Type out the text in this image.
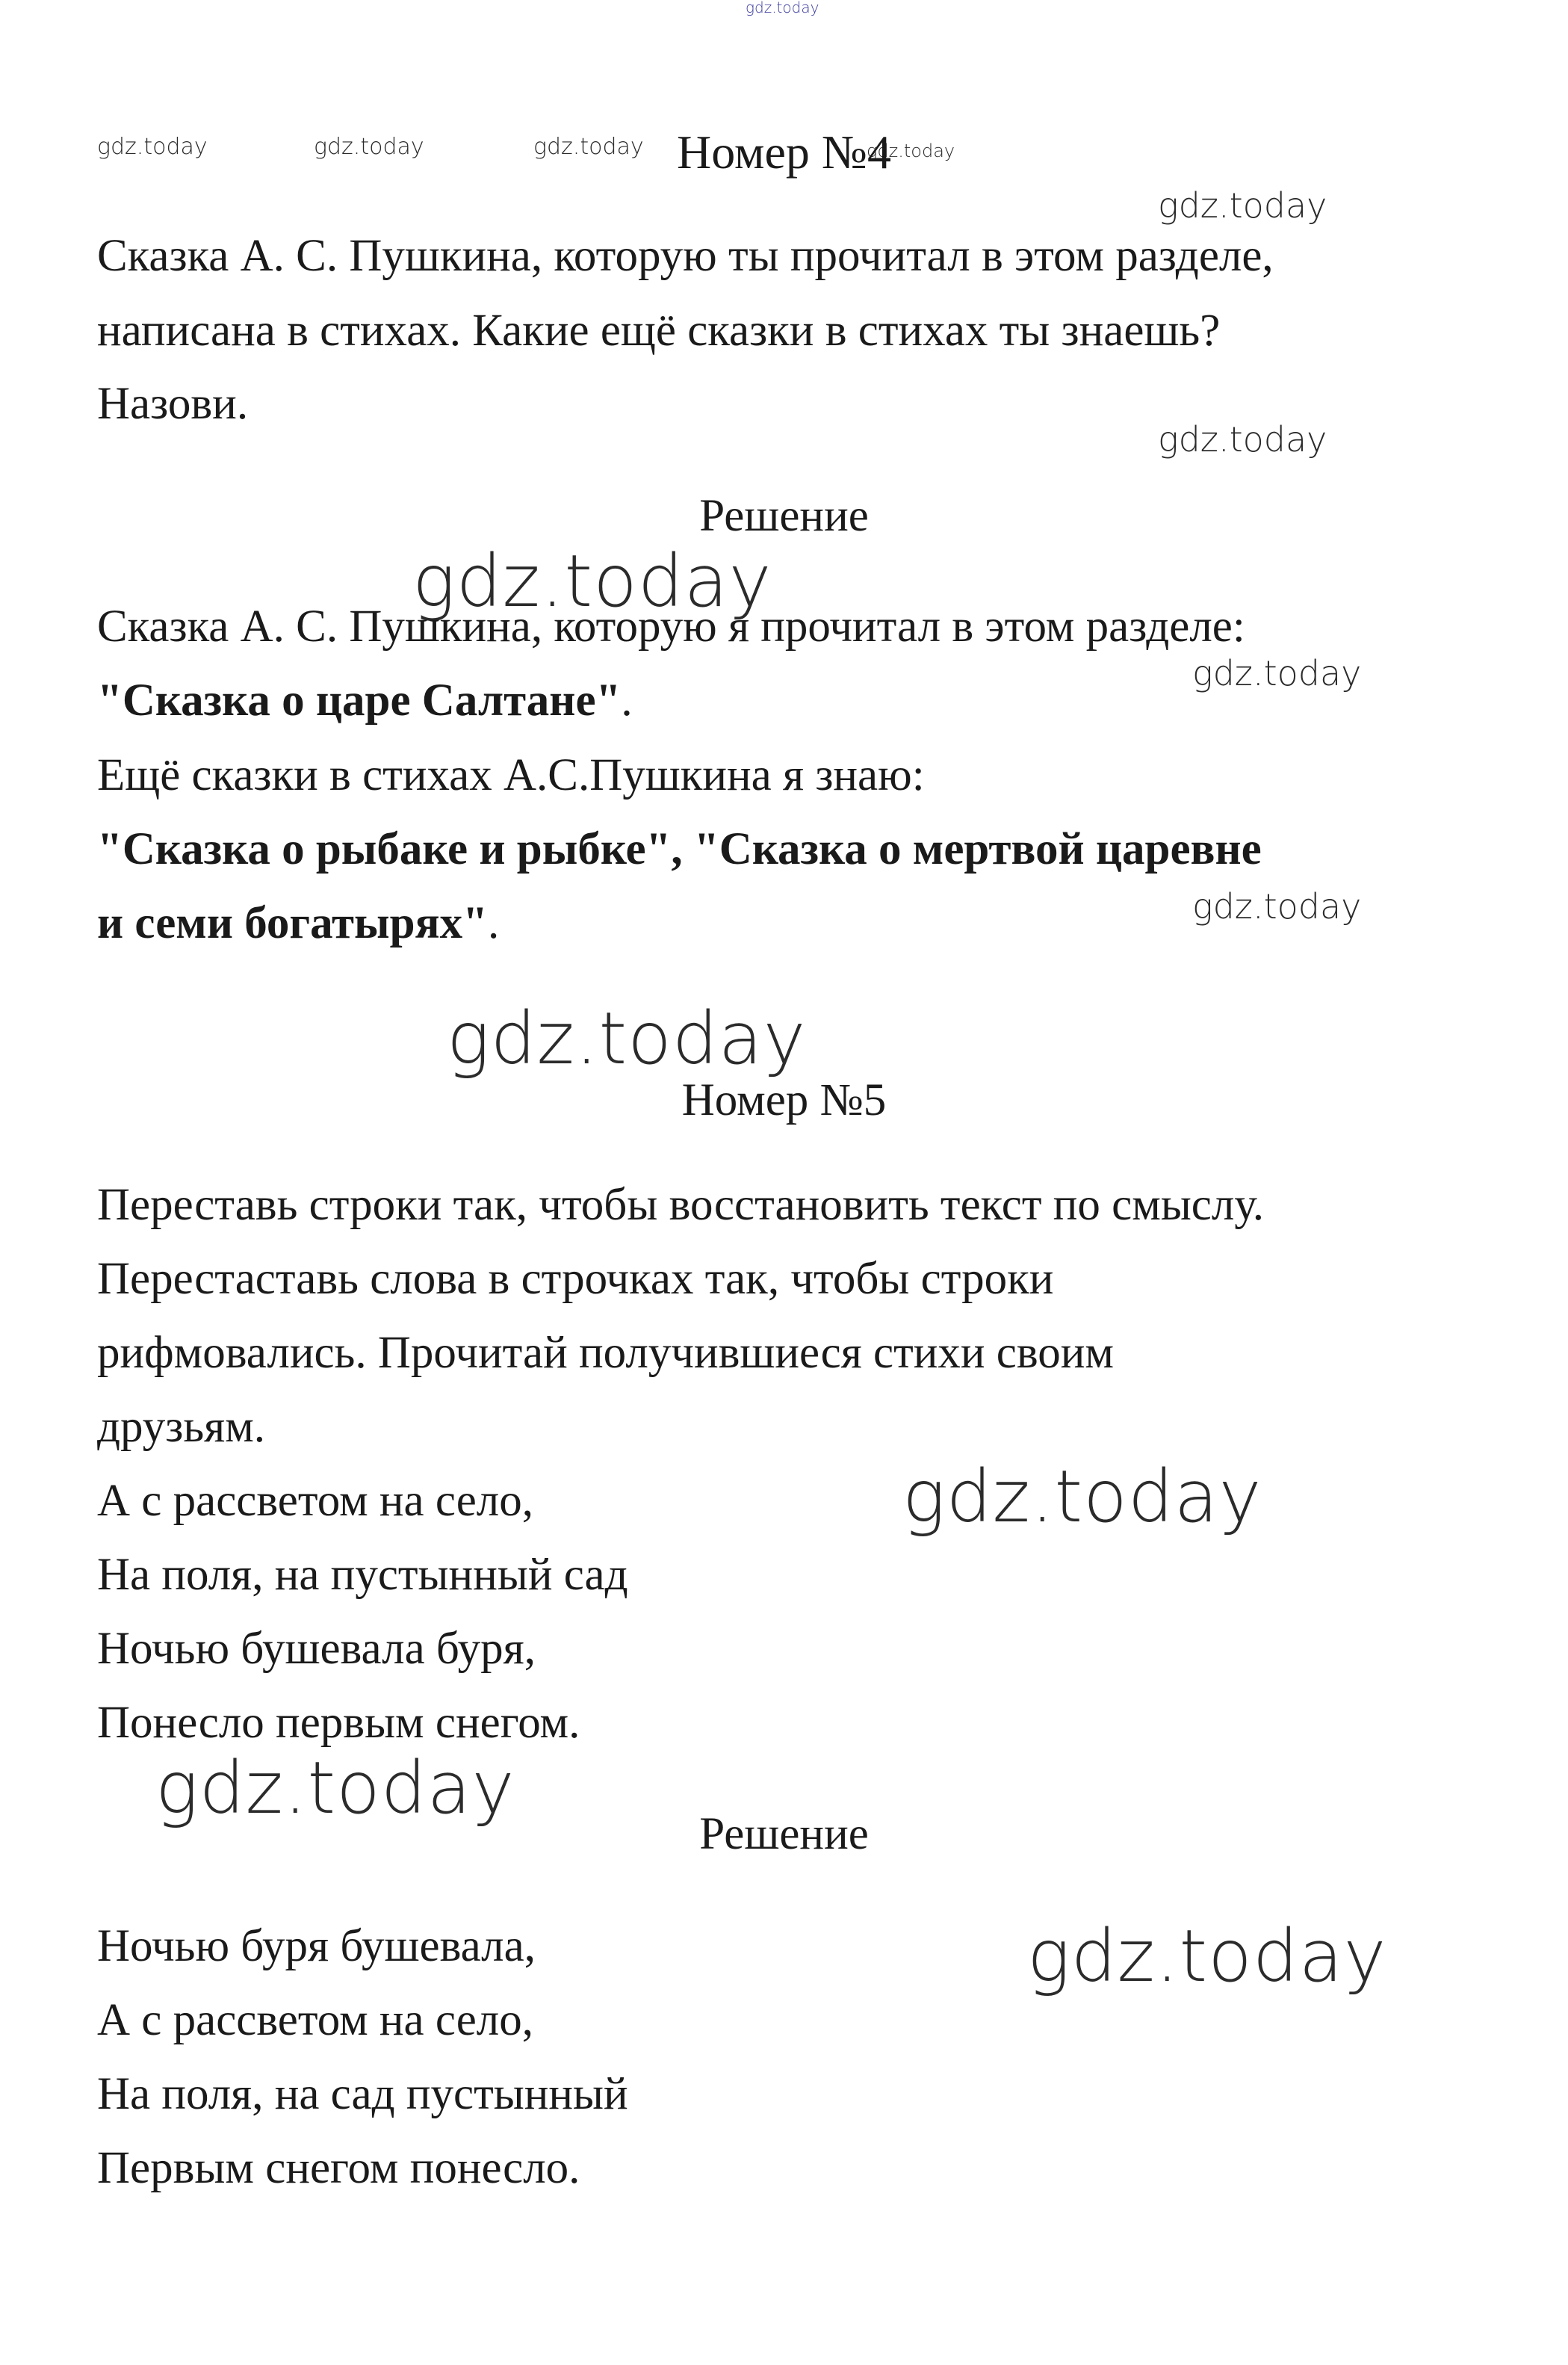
gdz.today
gdz.today	gdz.today	gdz.today	gdz.today
gdz.today
gdz.today
gdz.today
gdz.today
gdz.today
gdz.today
gdz.today
gdz.today
gdz.today
Номер №4
Сказка А. С. Пушкина, которую ты прочитал в этом разделе,
написана в стихах. Какие ещё сказки в стихах ты знаешь?
Назови.
Решение
Сказка А. С. Пушкина, которую я прочитал в этом разделе:
"Сказка о царе Салтане".
Ещё сказки в стихах А.С.Пушкина я знаю:
"Сказка о рыбаке и рыбке", "Сказка о мертвой царевне
и семи богатырях".
Номер №5
Переставь строки так, чтобы восстановить текст по смыслу.
Перестаставь слова в строчках так, чтобы строки
рифмовались. Прочитай получившиеся стихи своим
друзьям.
А с рассветом на село,
На поля, на пустынный сад
Ночью бушевала буря,
Понесло первым снегом.
Решение
Ночью буря бушевала,
А с рассветом на село,
На поля, на сад пустынный
Первым снегом понесло.
